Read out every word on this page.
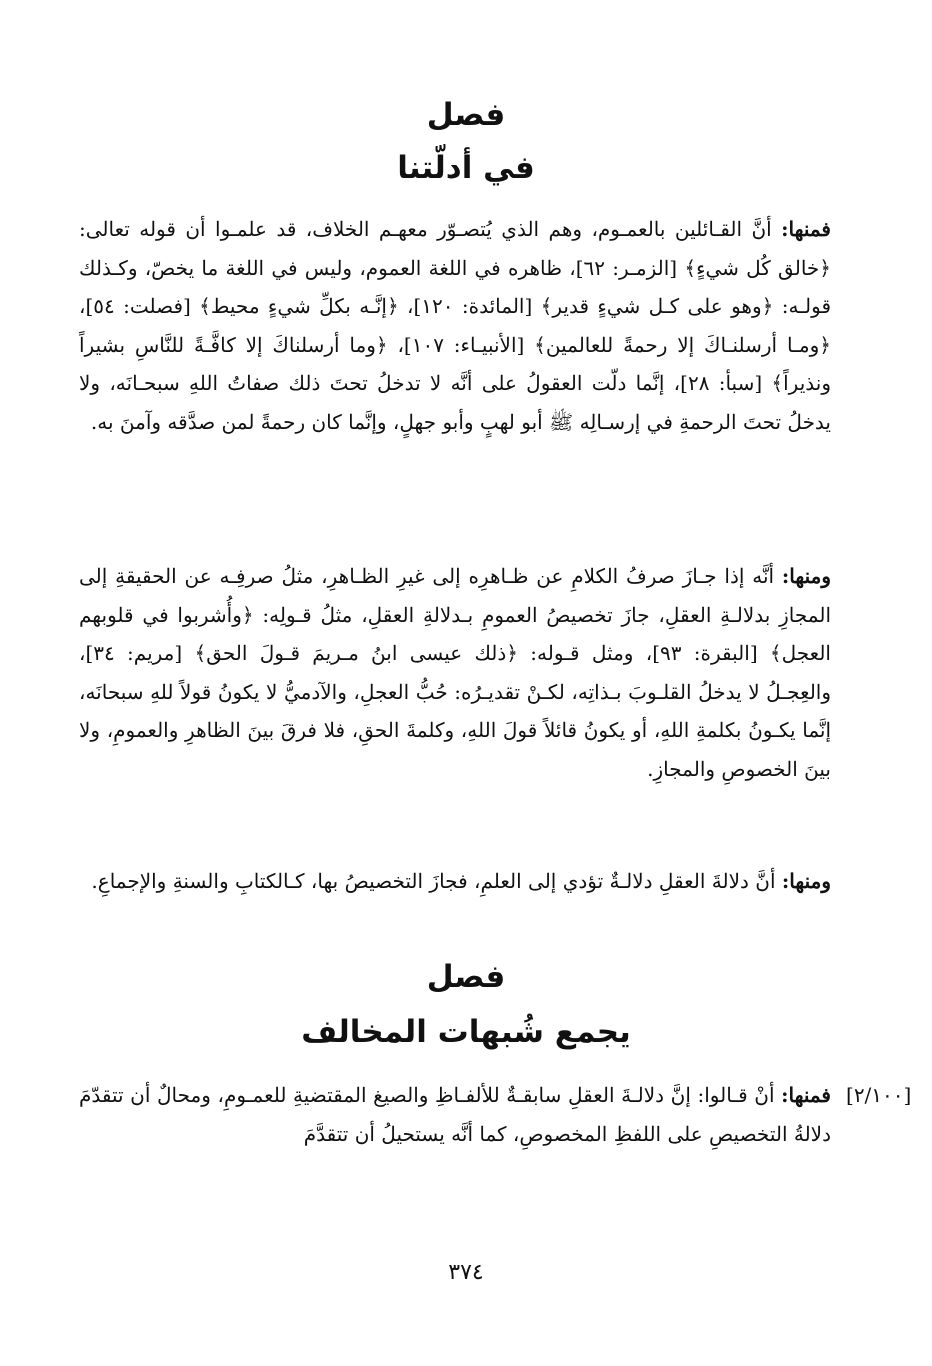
فصل
في أدلّتنا

فمنها: أنَّ القـائلين بالعمـوم، وهم الذي يُتصـوّر معهـم الخلاف، قد علمـوا أن قوله تعالى: ﴿خالق كُل شيءٍ﴾ [الزمـر: ٦٢]، ظاهره في اللغة العموم، وليس في اللغة ما يخصّ، وكـذلك قولـه: ﴿وهو على كـل شيءٍ قدير﴾ [المائدة: ١٢٠]، ﴿إنَّـه بكلِّ شيءٍ محيط﴾ [فصلت: ٥٤]، ﴿ومـا أرسلنـاكَ إلا رحمةً للعالمين﴾ [الأنبيـاء: ١٠٧]، ﴿وما أرسلناكَ إلا كافَّـةً للنَّاسِ بشيراً ونذيراً﴾ [سبأ: ٢٨]، إنَّما دلّت العقولُ على أنَّه لا تدخلُ تحتَ ذلك صفاتُ اللهِ سبحـانَه، ولا يدخلُ تحتَ الرحمةِ في إرسـالِه ﷺ أبو لهبٍ وأبو جهلٍ، وإنَّما كان رحمةً لمن صدَّقه وآمنَ به.

ومنها: أنَّه إذا جـازَ صرفُ الكلامِ عن ظـاهرِه إلى غيرِ الظـاهرِ، مثلُ صرفِـه عن الحقيقةِ إلى المجازِ بدلالـةِ العقلِ، جازَ تخصيصُ العمومِ بـدلالةِ العقلِ، مثلُ قـولِه: ﴿وأُشربوا في قلوبهم العجل﴾ [البقرة: ٩٣]، ومثل قـوله: ﴿ذلك عيسى ابنُ مـريمَ قـولَ الحق﴾ [مريم: ٣٤]، والعِجـلُ لا يدخلُ القلـوبَ بـذاتِه، لكـنْ تقديـرُه: حُبُّ العجلِ، والآدميُّ لا يكونُ قولاً للهِ سبحانَه، إنَّما يكـونُ بكلمةِ اللهِ، أو يكونُ قائلاً قولَ اللهِ، وكلمةَ الحقِ، فلا فرقَ بينَ الظاهرِ والعمومِ، ولا بينَ الخصوصِ والمجازِ.

ومنها: أنَّ دلالةَ العقلِ دلالـةٌ تؤدي إلى العلمِ، فجازَ التخصيصُ بها، كـالكتابِ والسنةِ والإجماعِ.

فصل
يجمع شُبهات المخالف
[٢/١٠٠]

فمنها: أنْ قـالوا: إنَّ دلالـةَ العقلِ سابقـةٌ للألفـاظِ والصيغ المقتضيةِ للعمـومِ، ومحالٌ أن تتقدّمَ دلالةُ التخصيصِ على اللفظِ المخصوصِ، كما أنَّه يستحيلُ أن تتقدَّمَ

٣٧٤
